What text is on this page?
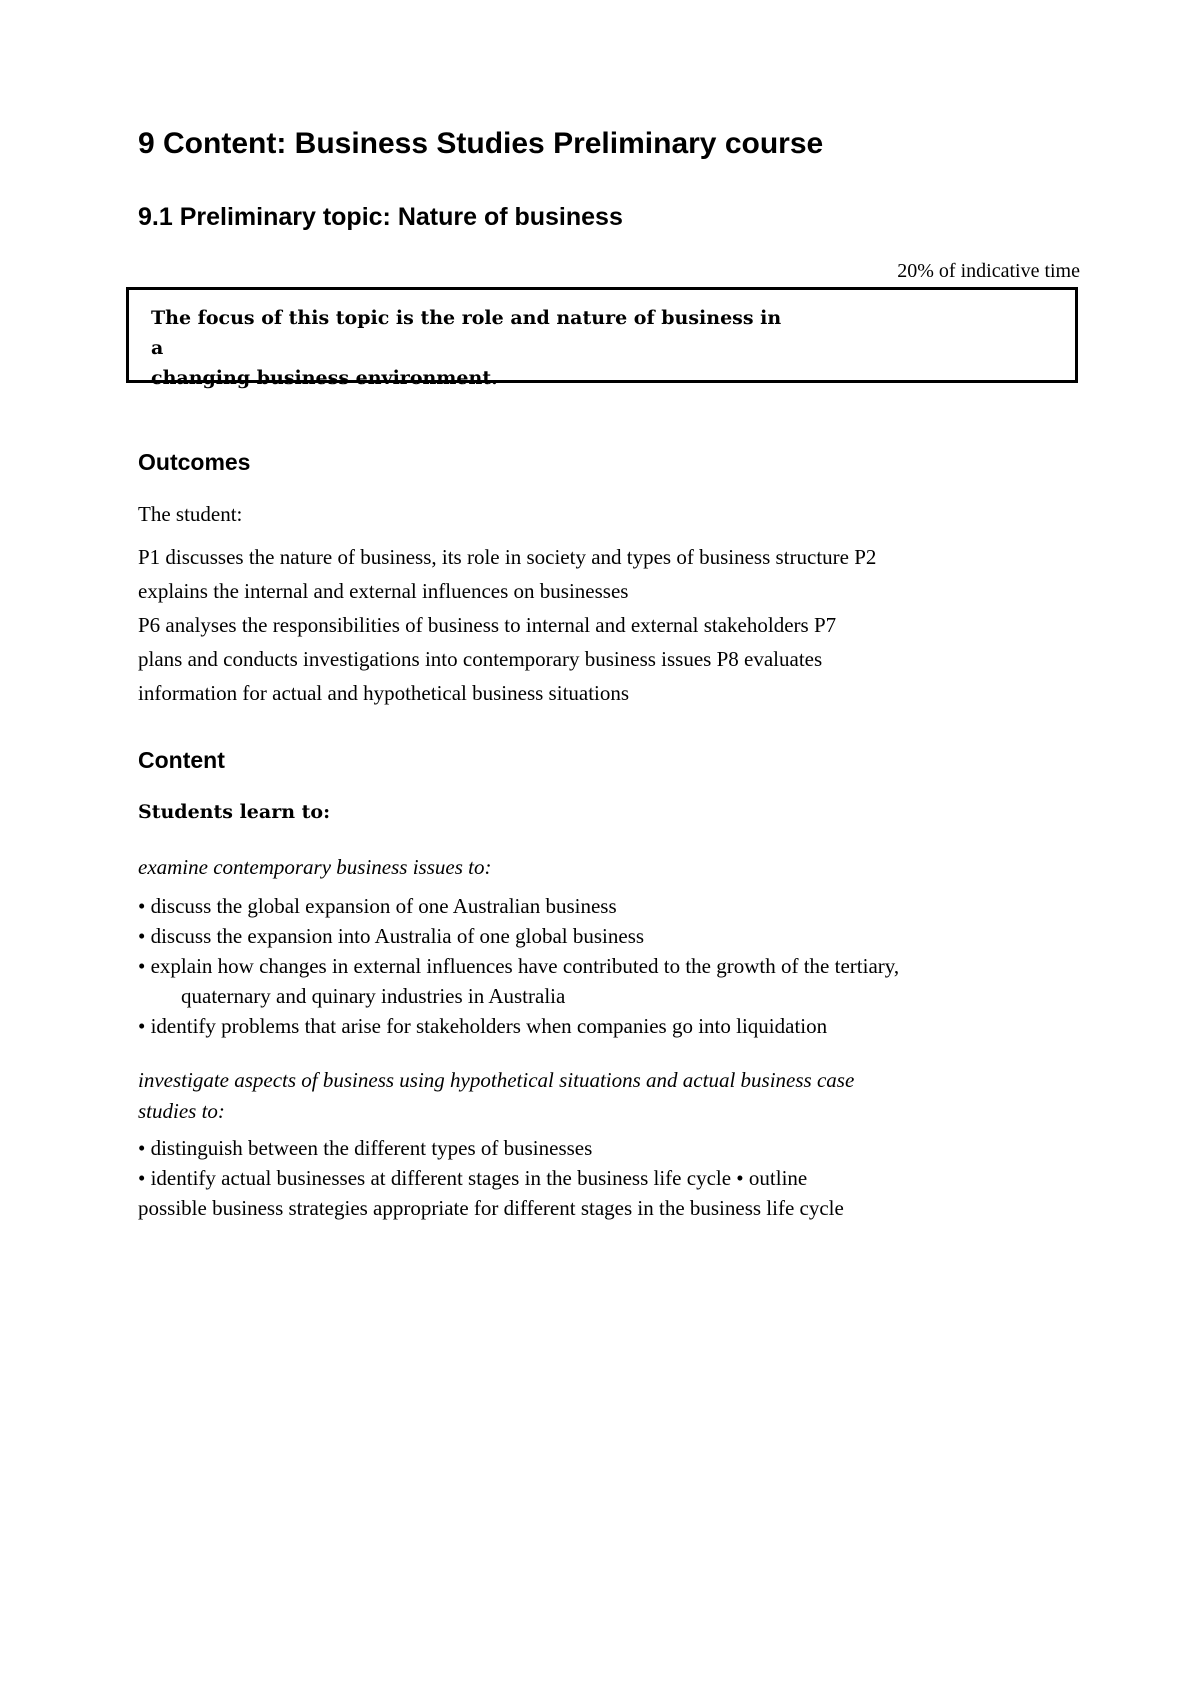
9 Content: Business Studies Preliminary course
9.1 Preliminary topic: Nature of business
20% of indicative time
The focus of this topic is the role and nature of business in a
changing business environment.
Outcomes
The student:
P1 discusses the nature of business, its role in society and types of business structure P2
explains the internal and external influences on businesses
P6 analyses the responsibilities of business to internal and external stakeholders P7
plans and conducts investigations into contemporary business issues P8 evaluates
information for actual and hypothetical business situations
Content
Students learn to:
examine contemporary business issues to:
• discuss the global expansion of one Australian business
• discuss the expansion into Australia of one global business
• explain how changes in external influences have contributed to the growth of the tertiary,
quaternary and quinary industries in Australia
• identify problems that arise for stakeholders when companies go into liquidation
investigate aspects of business using hypothetical situations and actual business case
studies to:
• distinguish between the different types of businesses
• identify actual businesses at different stages in the business life cycle • outline
possible business strategies appropriate for different stages in the business life cycle
